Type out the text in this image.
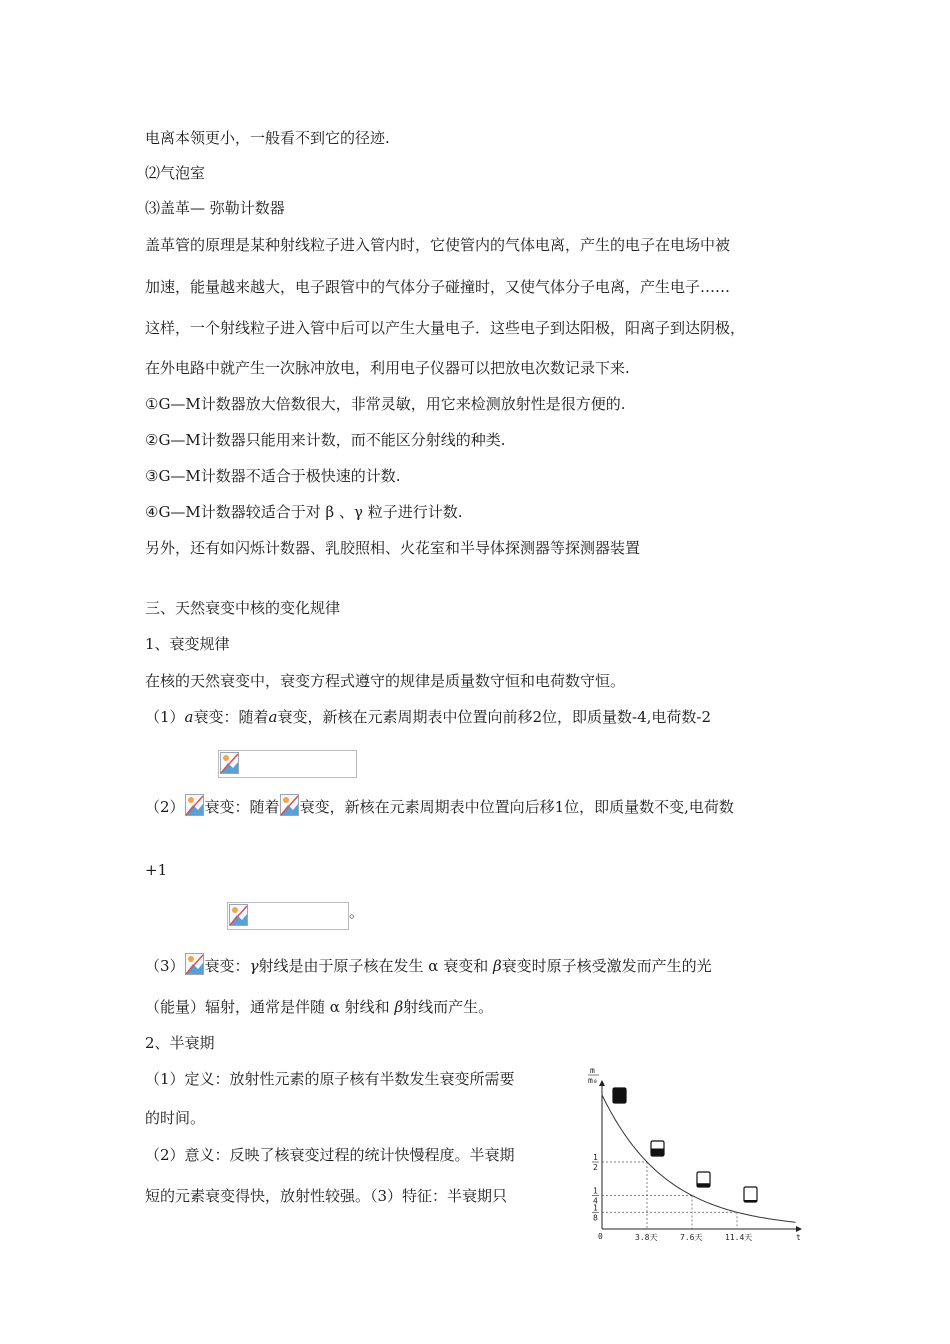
电离本领更小，一般看不到它的径迹.
⑵气泡室
⑶盖革— 弥勒计数器
盖革管的原理是某种射线粒子进入管内时，它使管内的气体电离，产生的电子在电场中被
加速，能量越来越大，电子跟管中的气体分子碰撞时，又使气体分子电离，产生电子……
这样，一个射线粒子进入管中后可以产生大量电子．这些电子到达阳极，阳离子到达阴极，
在外电路中就产生一次脉冲放电，利用电子仪器可以把放电次数记录下来.
①G—M计数器放大倍数很大，非常灵敏，用它来检测放射性是很方便的.
②G—M计数器只能用来计数，而不能区分射线的种类.
③G—M计数器不适合于极快速的计数.
④G—M计数器较适合于对 β 、γ 粒子进行计数.
另外，还有如闪烁计数器、乳胶照相、火花室和半导体探测器等探测器装置
三、天然衰变中核的变化规律
1、衰变规律
在核的天然衰变中，衰变方程式遵守的规律是质量数守恒和电荷数守恒。
（1）a衰变：随着a衰变，新核在元素周期表中位置向前移2位，即质量数-4,电荷数-2
（2） 衰变：随着 衰变，新核在元素周期表中位置向后移1位，即质量数不变,电荷数
+1
。
（3） 衰变：γ射线是由于原子核在发生 α 衰变和 β衰变时原子核受激发而产生的光
（能量）辐射，通常是伴随 α 射线和 β射线而产生。
2、半衰期
（1）定义：放射性元素的原子核有半数发生衰变所需要
的时间。
（2）意义：反映了核衰变过程的统计快慢程度。半衰期
短的元素衰变得快，放射性较强。（3）特征：半衰期只
m
m₀
0	t
1
2
3.8天
1
4
7.6天
1
8
11.4天
